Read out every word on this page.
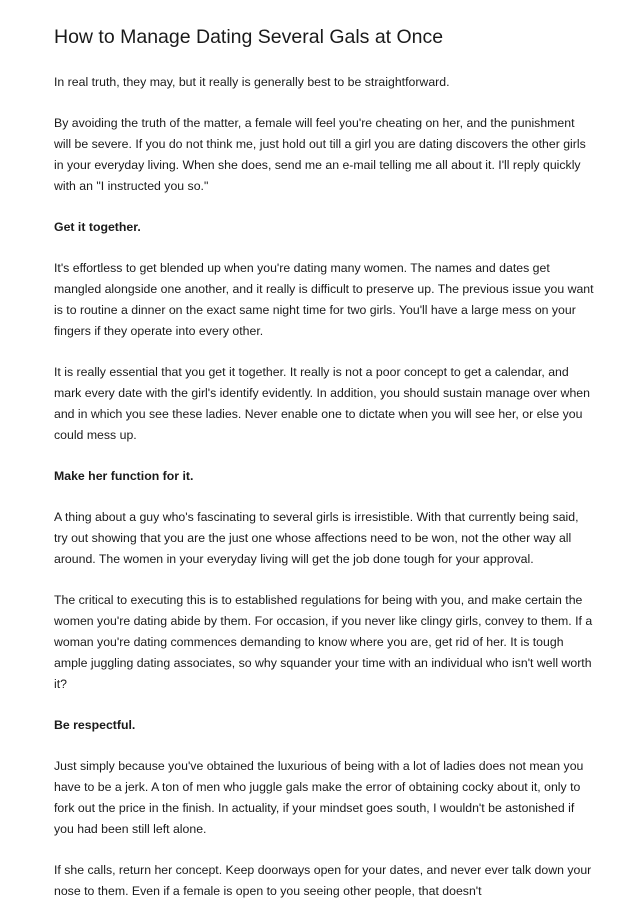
How to Manage Dating Several Gals at Once

In real truth, they may, but it really is generally best to be straightforward.

By avoiding the truth of the matter, a female will feel you're cheating on her, and the punishment will be severe. If you do not think me, just hold out till a girl you are dating discovers the other girls in your everyday living. When she does, send me an e-mail telling me all about it. I'll reply quickly with an "I instructed you so."

Get it together.

It's effortless to get blended up when you're dating many women. The names and dates get mangled alongside one another, and it really is difficult to preserve up. The previous issue you want is to routine a dinner on the exact same night time for two girls. You'll have a large mess on your fingers if they operate into every other.

It is really essential that you get it together. It really is not a poor concept to get a calendar, and mark every date with the girl's identify evidently. In addition, you should sustain manage over when and in which you see these ladies. Never enable one to dictate when you will see her, or else you could mess up.

Make her function for it.

A thing about a guy who's fascinating to several girls is irresistible. With that currently being said, try out showing that you are the just one whose affections need to be won, not the other way all around. The women in your everyday living will get the job done tough for your approval.

The critical to executing this is to established regulations for being with you, and make certain the women you're dating abide by them. For occasion, if you never like clingy girls, convey to them. If a woman you're dating commences demanding to know where you are, get rid of her. It is tough ample juggling dating associates, so why squander your time with an individual who isn't well worth it?

Be respectful.

Just simply because you've obtained the luxurious of being with a lot of ladies does not mean you have to be a jerk. A ton of men who juggle gals make the error of obtaining cocky about it, only to fork out the price in the finish. In actuality, if your mindset goes south, I wouldn't be astonished if you had been still left alone.

If she calls, return her concept. Keep doorways open for your dates, and never ever talk down your nose to them. Even if a female is open to you seeing other people, that doesn't
